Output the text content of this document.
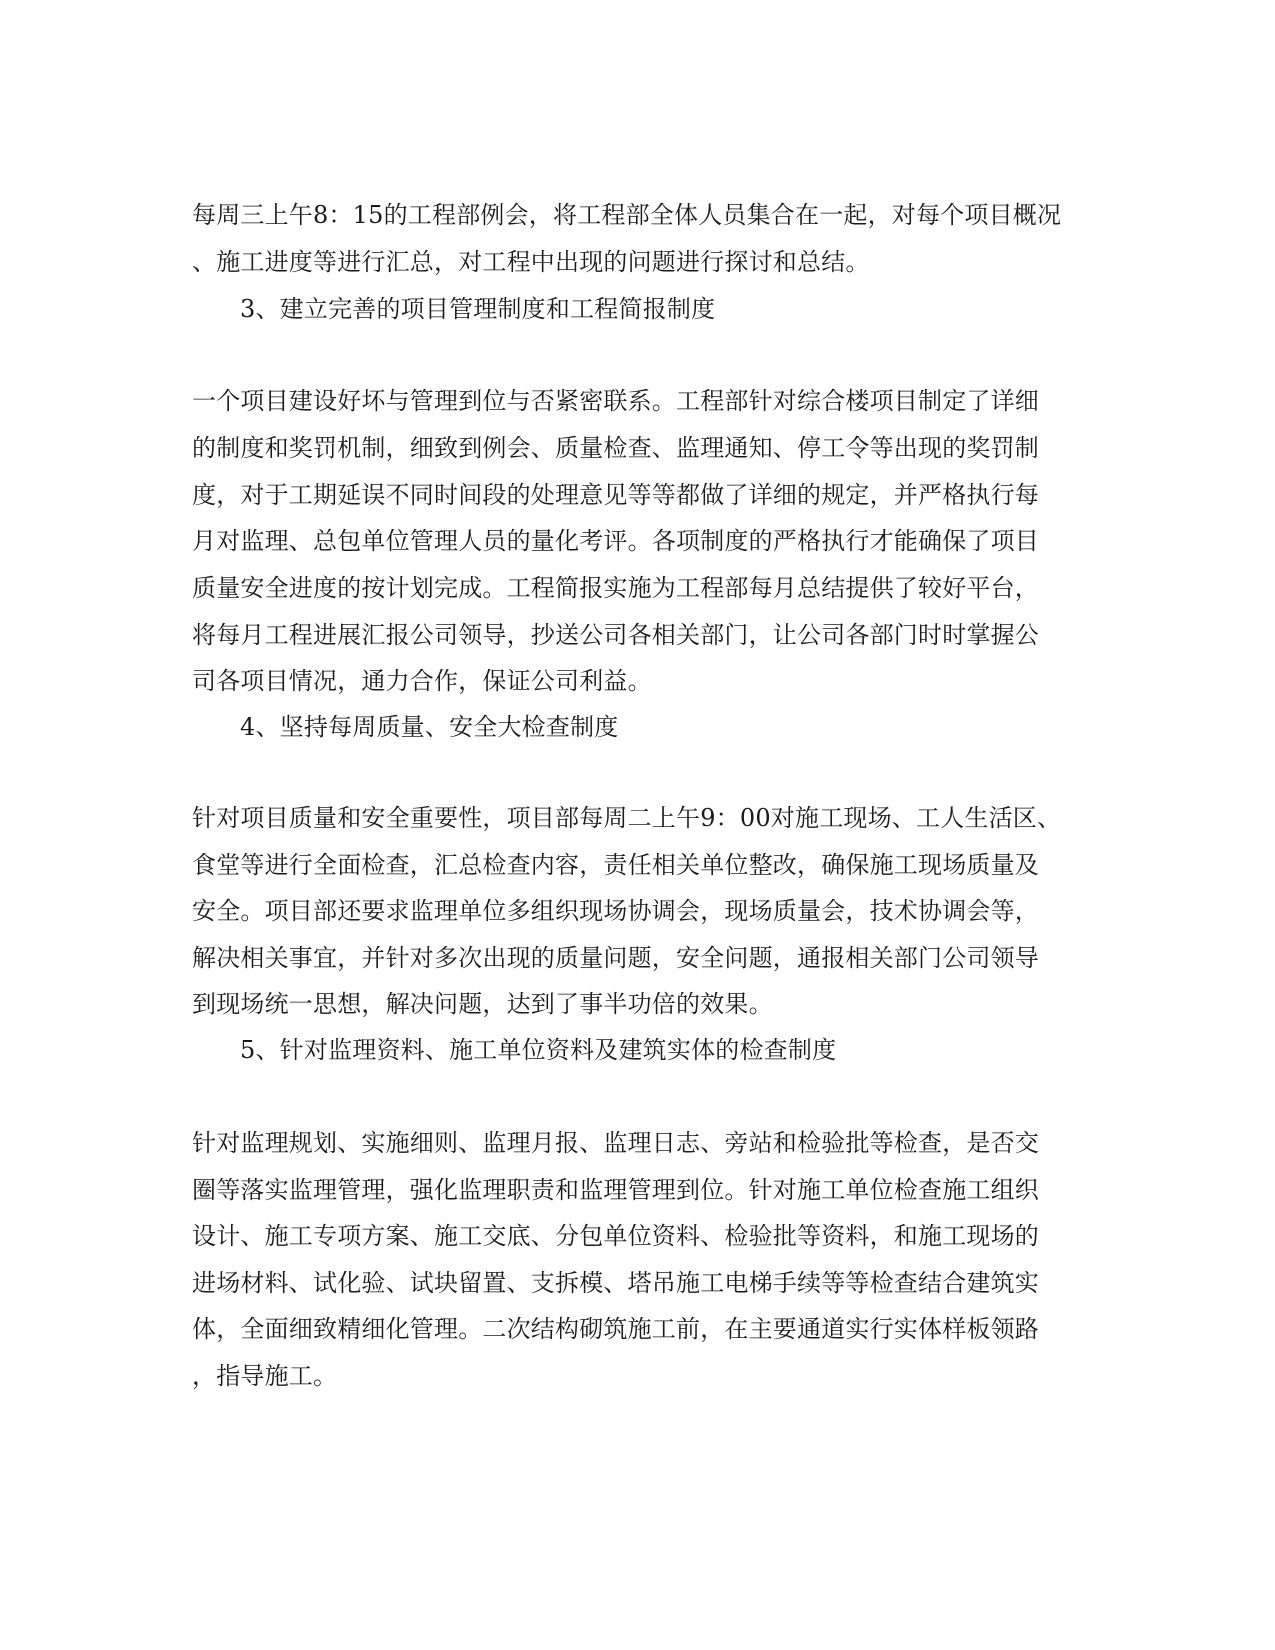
每周三上午8：15的工程部例会，将工程部全体人员集合在一起，对每个项目概况
、施工进度等进行汇总，对工程中出现的问题进行探讨和总结。
3、建立完善的项目管理制度和工程简报制度
一个项目建设好坏与管理到位与否紧密联系。工程部针对综合楼项目制定了详细
的制度和奖罚机制，细致到例会、质量检查、监理通知、停工令等出现的奖罚制
度，对于工期延误不同时间段的处理意见等等都做了详细的规定，并严格执行每
月对监理、总包单位管理人员的量化考评。各项制度的严格执行才能确保了项目
质量安全进度的按计划完成。工程简报实施为工程部每月总结提供了较好平台，
将每月工程进展汇报公司领导，抄送公司各相关部门，让公司各部门时时掌握公
司各项目情况，通力合作，保证公司利益。
4、坚持每周质量、安全大检查制度
针对项目质量和安全重要性，项目部每周二上午9：00对施工现场、工人生活区、
食堂等进行全面检查，汇总检查内容，责任相关单位整改，确保施工现场质量及
安全。项目部还要求监理单位多组织现场协调会，现场质量会，技术协调会等，
解决相关事宜，并针对多次出现的质量问题，安全问题，通报相关部门公司领导
到现场统一思想，解决问题，达到了事半功倍的效果。
5、针对监理资料、施工单位资料及建筑实体的检查制度
针对监理规划、实施细则、监理月报、监理日志、旁站和检验批等检查，是否交
圈等落实监理管理，强化监理职责和监理管理到位。针对施工单位检查施工组织
设计、施工专项方案、施工交底、分包单位资料、检验批等资料，和施工现场的
进场材料、试化验、试块留置、支拆模、塔吊施工电梯手续等等检查结合建筑实
体，全面细致精细化管理。二次结构砌筑施工前，在主要通道实行实体样板领路
，指导施工。
